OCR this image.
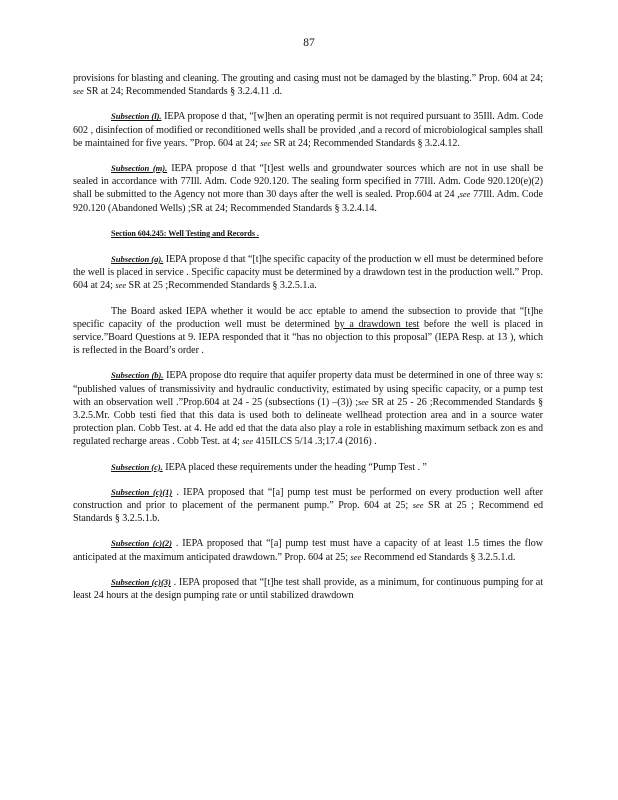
87

provisions for blasting and cleaning. The grouting and casing must not be damaged by the blasting.” Prop. 604 at 24; see SR at 24; Recommended Standards § 3.2.4.11 .d.

Subsection (l). IEPA propose d that, “[w]hen an operating permit is not required pursuant to 35Ill. Adm. Code 602 , disinfection of modified or reconditioned wells shall be provided ,and a record of microbiological samples shall be maintained for five years. ”Prop. 604 at 24; see SR at 24; Recommended Standards § 3.2.4.12.

Subsection (m). IEPA propose d that “[t]est wells and groundwater sources which are not in use shall be sealed in accordance with 77Ill. Adm. Code 920.120. The sealing form specified in 77Ill. Adm. Code 920.120(e)(2) shall be submitted to the Agency not more than 30 days after the well is sealed. Prop.604 at 24 ,see 77Ill. Adm. Code 920.120 (Abandoned Wells) ;SR at 24; Recommended Standards § 3.2.4.14.

Section 604.245: Well Testing and Records .

Subsection (a). IEPA propose d that “[t]he specific capacity of the production w ell must be determined before the well is placed in service . Specific capacity must be determined by a drawdown test in the production well.” Prop. 604 at 24; see SR at 25 ;Recommended Standards § 3.2.5.1.a.

The Board asked IEPA whether it would be acc eptable to amend the subsection to provide that “[t]he specific capacity of the production well must be determined by a drawdown test before the well is placed in service.”Board Questions at 9. IEPA responded that it “has no objection to this proposal” (IEPA Resp. at 13 ), which is reflected in the Board’s order .

Subsection (b). IEPA propose dto require that aquifer property data must be determined in one of three way s: “published values of transmissivity and hydraulic conductivity, estimated by using specific capacity, or a pump test with an observation well .”Prop.604 at 24 - 25 (subsections (1) –(3)) ;see SR at 25 - 26 ;Recommended Standards § 3.2.5.Mr. Cobb testi fied that this data is used both to delineate wellhead protection area and in a source water protection plan. Cobb Test. at 4. He add ed that the data also play a role in establishing maximum setback zon es and regulated recharge areas . Cobb Test. at 4; see 415ILCS 5/14 .3;17.4 (2016) .

Subsection (c). IEPA placed these requirements under the heading “Pump Test . ”

Subsection (c)(1) . IEPA proposed that “[a] pump test must be performed on every production well after construction and prior to placement of the permanent pump.” Prop. 604 at 25; see SR at 25 ; Recommend ed Standards § 3.2.5.1.b.

Subsection (c)(2) . IEPA proposed that “[a] pump test must have a capacity of at least 1.5 times the flow anticipated at the maximum anticipated drawdown.” Prop. 604 at 25; see Recommend ed Standards § 3.2.5.1.d.

Subsection (c)(3) . IEPA proposed that “[t]he test shall provide, as a minimum, for continuous pumping for at least 24 hours at the design pumping rate or until stabilized drawdown
